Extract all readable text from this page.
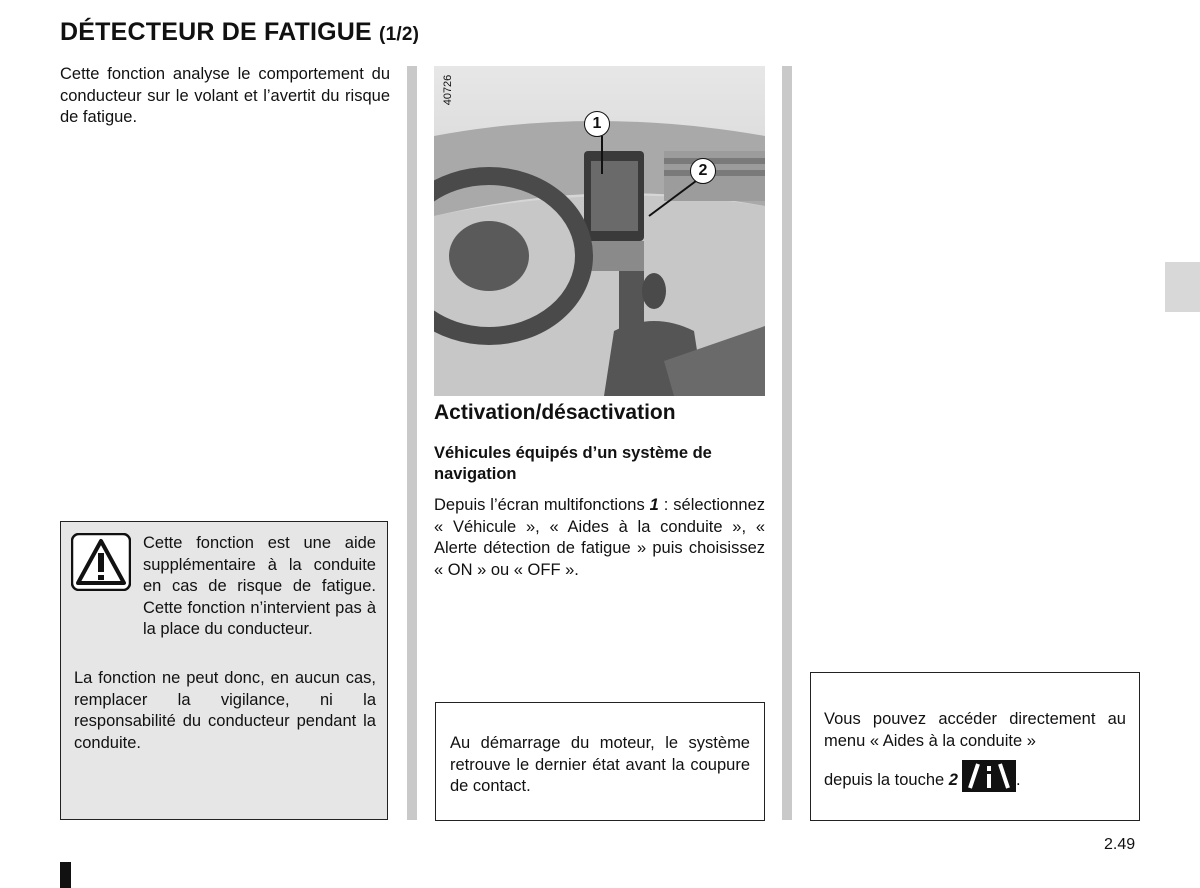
DÉTECTEUR DE FATIGUE (1/2)
Cette fonction analyse le comportement du conducteur sur le volant et l’avertit du risque de fatigue.
Cette fonction est une aide supplémentaire à la conduite en cas de risque de fatigue. Cette fonction n’intervient pas à la place du conducteur.
La fonction ne peut donc, en aucun cas, remplacer la vigilance, ni la responsabilité du conducteur pendant la conduite.
40726
1
2
Activation/désactivation
Véhicules équipés d’un système de navigation
Depuis l’écran multifonctions 1 : sélectionnez « Véhicule », « Aides à la conduite », « Alerte détection de fatigue » puis choisissez « ON » ou « OFF ».
Au démarrage du moteur, le système retrouve le dernier état avant la coupure de contact.
Vous pouvez accéder directement au menu « Aides à la conduite »
depuis la touche 2	.
2.49
